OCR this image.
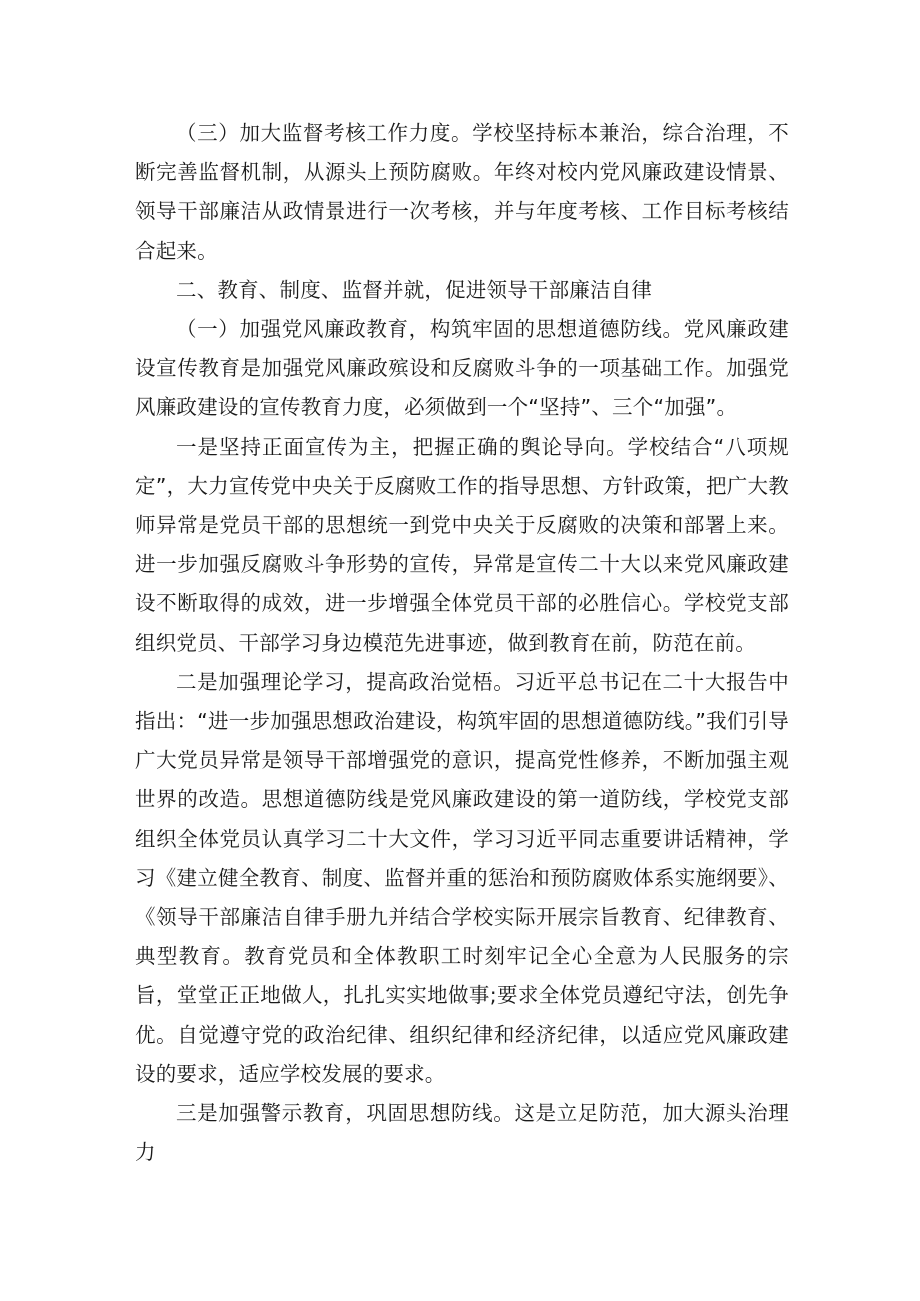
（三）加大监督考核工作力度。学校坚持标本兼治，综合治理，不断完善监督机制，从源头上预防腐败。年终对校内党风廉政建设情景、领导干部廉洁从政情景进行一次考核，并与年度考核、工作目标考核结合起来。

二、教育、制度、监督并就，促进领导干部廉洁自律

（一）加强党风廉政教育，构筑牢固的思想道德防线。党风廉政建设宣传教育是加强党风廉政殡设和反腐败斗争的一项基础工作。加强党风廉政建设的宣传教育力度，必须做到一个“坚持”、三个“加强”。

一是坚持正面宣传为主，把握正确的舆论导向。学校结合“八项规定”，大力宣传党中央关于反腐败工作的指导思想、方针政策，把广大教师异常是党员干部的思想统一到党中央关于反腐败的决策和部署上来。进一步加强反腐败斗争形势的宣传，异常是宣传二十大以来党风廉政建设不断取得的成效，进一步增强全体党员干部的必胜信心。学校党支部组织党员、干部学习身边模范先进事迹，做到教育在前，防范在前。

二是加强理论学习，提高政治觉梧。习近平总书记在二十大报告中指出：“进一步加强思想政治建设，构筑牢固的思想道德防线。”我们引导广大党员异常是领导干部增强党的意识，提高党性修养，不断加强主观世界的改造。思想道德防线是党风廉政建设的第一道防线，学校党支部组织全体党员认真学习二十大文件，学习习近平同志重要讲话精神，学习《建立健全教育、制度、监督并重的惩治和预防腐败体系实施纲要》、《领导干部廉洁自律手册九并结合学校实际开展宗旨教育、纪律教育、典型教育。教育党员和全体教职工时刻牢记全心全意为人民服务的宗旨，堂堂正正地做人，扎扎实实地做事;要求全体党员遵纪守法，创先争优。自觉遵守党的政治纪律、组织纪律和经济纪律，以适应党风廉政建设的要求，适应学校发展的要求。

三是加强警示教育，巩固思想防线。这是立足防范，加大源头治理力
